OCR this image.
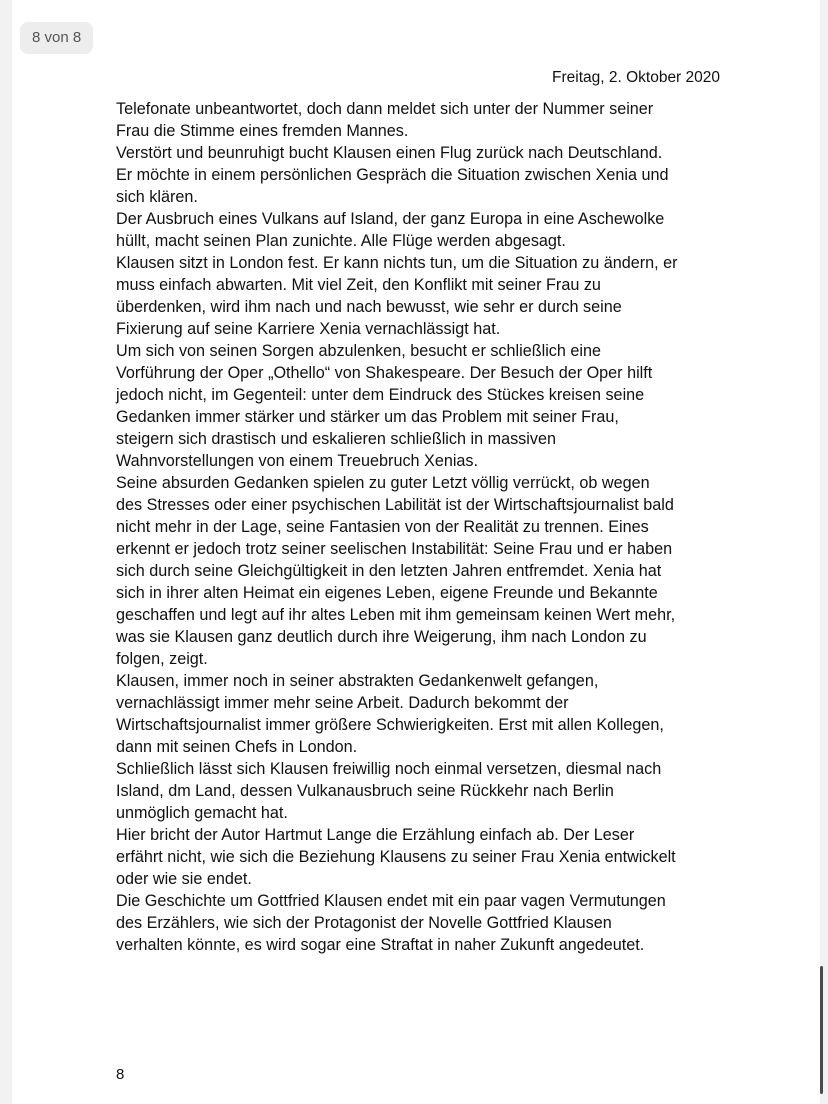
Freitag, 2. Oktober 2020
Telefonate unbeantwortet, doch dann meldet sich unter der Nummer seiner
Frau die Stimme eines fremden Mannes.
Verstört und beunruhigt bucht Klausen einen Flug zurück nach Deutschland.
Er möchte in einem persönlichen Gespräch die Situation zwischen Xenia und
sich klären.
Der Ausbruch eines Vulkans auf Island, der ganz Europa in eine Aschewolke
hüllt, macht seinen Plan zunichte. Alle Flüge werden abgesagt.
Klausen sitzt in London fest. Er kann nichts tun, um die Situation zu ändern, er
muss einfach abwarten. Mit viel Zeit, den Konflikt mit seiner Frau zu
überdenken, wird ihm nach und nach bewusst, wie sehr er durch seine
Fixierung auf seine Karriere Xenia vernachlässigt hat.
Um sich von seinen Sorgen abzulenken, besucht er schließlich eine
Vorführung der Oper „Othello“ von Shakespeare. Der Besuch der Oper hilft
jedoch nicht, im Gegenteil: unter dem Eindruck des Stückes kreisen seine
Gedanken immer stärker und stärker um das Problem mit seiner Frau,
steigern sich drastisch und eskalieren schließlich in massiven
Wahnvorstellungen von einem Treuebruch Xenias.
Seine absurden Gedanken spielen zu guter Letzt völlig verrückt, ob wegen
des Stresses oder einer psychischen Labilität ist der Wirtschaftsjournalist bald
nicht mehr in der Lage, seine Fantasien von der Realität zu trennen. Eines
erkennt er jedoch trotz seiner seelischen Instabilität: Seine Frau und er haben
sich durch seine Gleichgültigkeit in den letzten Jahren entfremdet. Xenia hat
sich in ihrer alten Heimat ein eigenes Leben, eigene Freunde und Bekannte
geschaffen und legt auf ihr altes Leben mit ihm gemeinsam keinen Wert mehr,
was sie Klausen ganz deutlich durch ihre Weigerung, ihm nach London zu
folgen, zeigt.
Klausen, immer noch in seiner abstrakten Gedankenwelt gefangen,
vernachlässigt immer mehr seine Arbeit. Dadurch bekommt der
Wirtschaftsjournalist immer größere Schwierigkeiten. Erst mit allen Kollegen,
dann mit seinen Chefs in London.
Schließlich lässt sich Klausen freiwillig noch einmal versetzen, diesmal nach
Island, dm Land, dessen Vulkanausbruch seine Rückkehr nach Berlin
unmöglich gemacht hat.
Hier bricht der Autor Hartmut Lange die Erzählung einfach ab. Der Leser
erfährt nicht, wie sich die Beziehung Klausens zu seiner Frau Xenia entwickelt
oder wie sie endet.
Die Geschichte um Gottfried Klausen endet mit ein paar vagen Vermutungen
des Erzählers, wie sich der Protagonist der Novelle Gottfried Klausen
verhalten könnte, es wird sogar eine Straftat in naher Zukunft angedeutet.
8
8 von 8
